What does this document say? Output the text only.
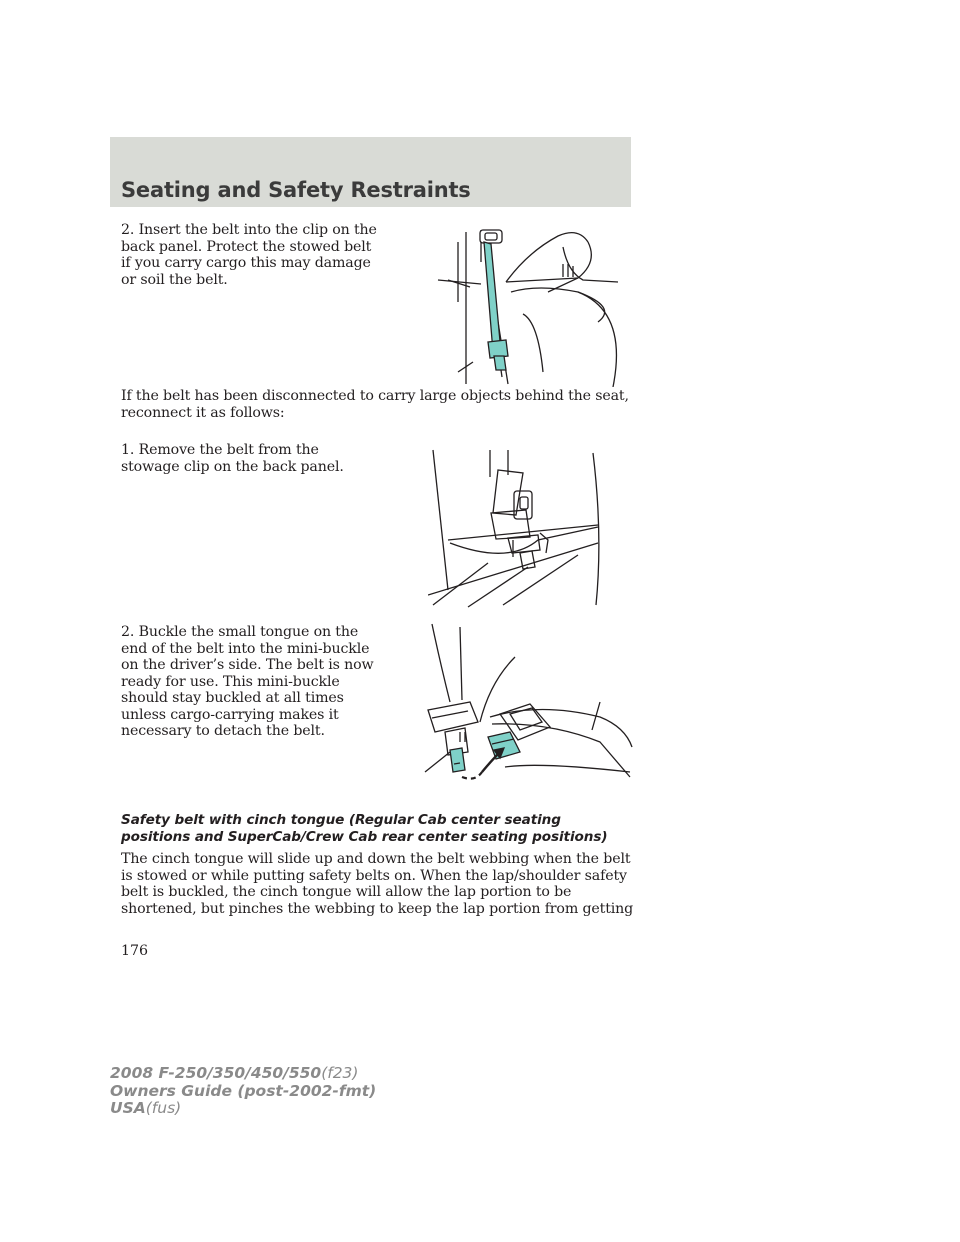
Seating and Safety Restraints

2. Insert the belt into the clip on the
back panel. Protect the stowed belt
if you carry cargo this may damage
or soil the belt.

If the belt has been disconnected to carry large objects behind the seat,
reconnect it as follows:

1. Remove the belt from the
stowage clip on the back panel.

2. Buckle the small tongue on the
end of the belt into the mini-buckle
on the driver’s side. The belt is now
ready for use. This mini-buckle
should stay buckled at all times
unless cargo-carrying makes it
necessary to detach the belt.

Safety belt with cinch tongue (Regular Cab center seating
positions and SuperCab/Crew Cab rear center seating positions)

The cinch tongue will slide up and down the belt webbing when the belt
is stowed or while putting safety belts on. When the lap/shoulder safety
belt is buckled, the cinch tongue will allow the lap portion to be
shortened, but pinches the webbing to keep the lap portion from getting

176

2008 F-250/350/450/550(f23)
Owners Guide (post-2002-fmt)
USA(fus)
